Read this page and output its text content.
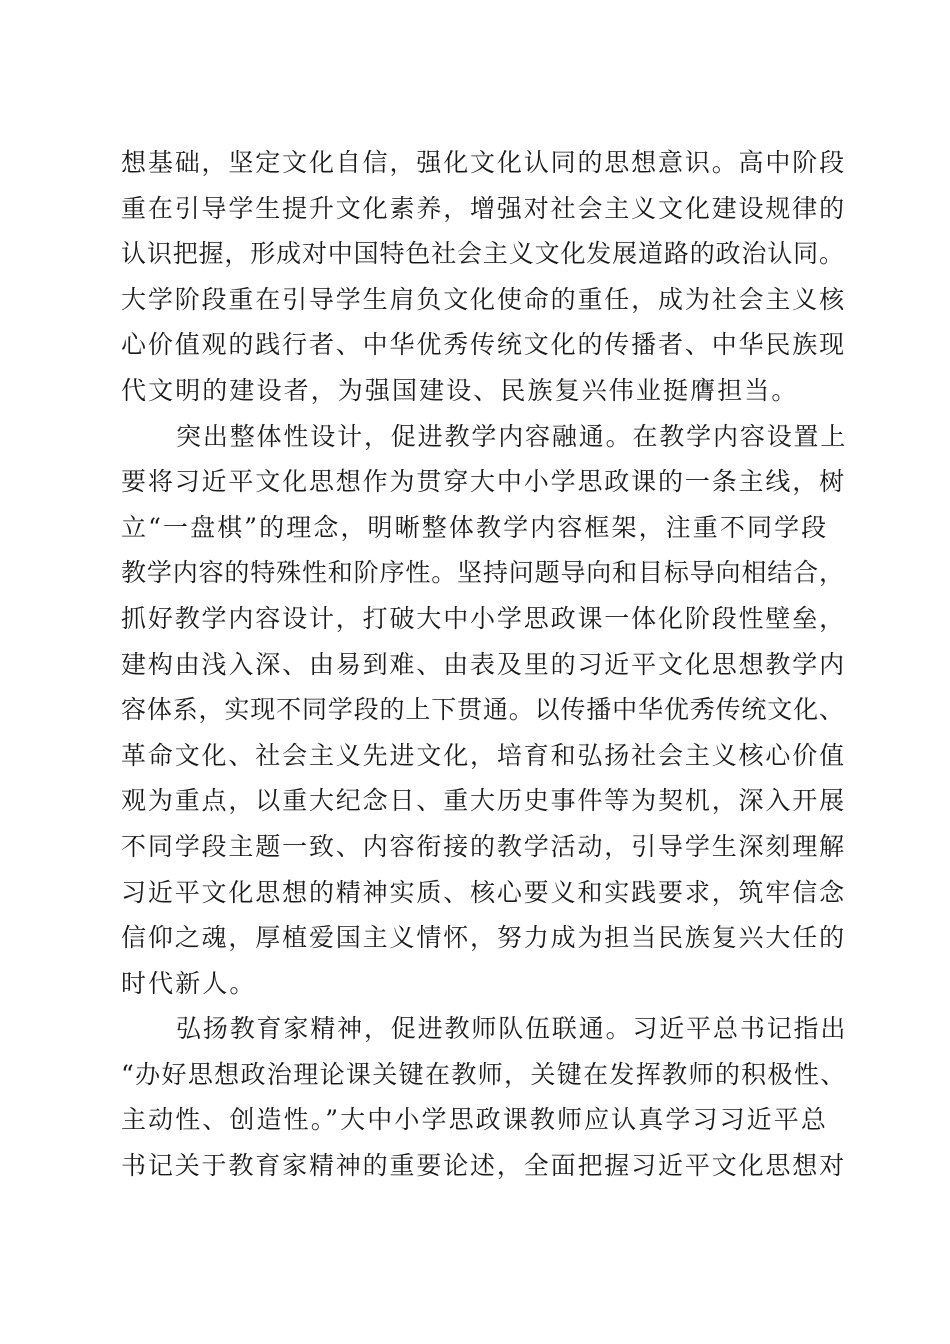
想基础，坚定文化自信，强化文化认同的思想意识。高中阶段
重在引导学生提升文化素养，增强对社会主义文化建设规律的
认识把握，形成对中国特色社会主义文化发展道路的政治认同。
大学阶段重在引导学生肩负文化使命的重任，成为社会主义核
心价值观的践行者、中华优秀传统文化的传播者、中华民族现
代文明的建设者，为强国建设、民族复兴伟业挺膺担当。
突出整体性设计，促进教学内容融通。在教学内容设置上
要将习近平文化思想作为贯穿大中小学思政课的一条主线，树
立“一盘棋”的理念，明晰整体教学内容框架，注重不同学段
教学内容的特殊性和阶序性。坚持问题导向和目标导向相结合，
抓好教学内容设计，打破大中小学思政课一体化阶段性壁垒，
建构由浅入深、由易到难、由表及里的习近平文化思想教学内
容体系，实现不同学段的上下贯通。以传播中华优秀传统文化、
革命文化、社会主义先进文化，培育和弘扬社会主义核心价值
观为重点，以重大纪念日、重大历史事件等为契机，深入开展
不同学段主题一致、内容衔接的教学活动，引导学生深刻理解
习近平文化思想的精神实质、核心要义和实践要求，筑牢信念
信仰之魂，厚植爱国主义情怀，努力成为担当民族复兴大任的
时代新人。
弘扬教育家精神，促进教师队伍联通。习近平总书记指出
“办好思想政治理论课关键在教师，关键在发挥教师的积极性、
主动性、创造性。”大中小学思政课教师应认真学习习近平总
书记关于教育家精神的重要论述，全面把握习近平文化思想对
